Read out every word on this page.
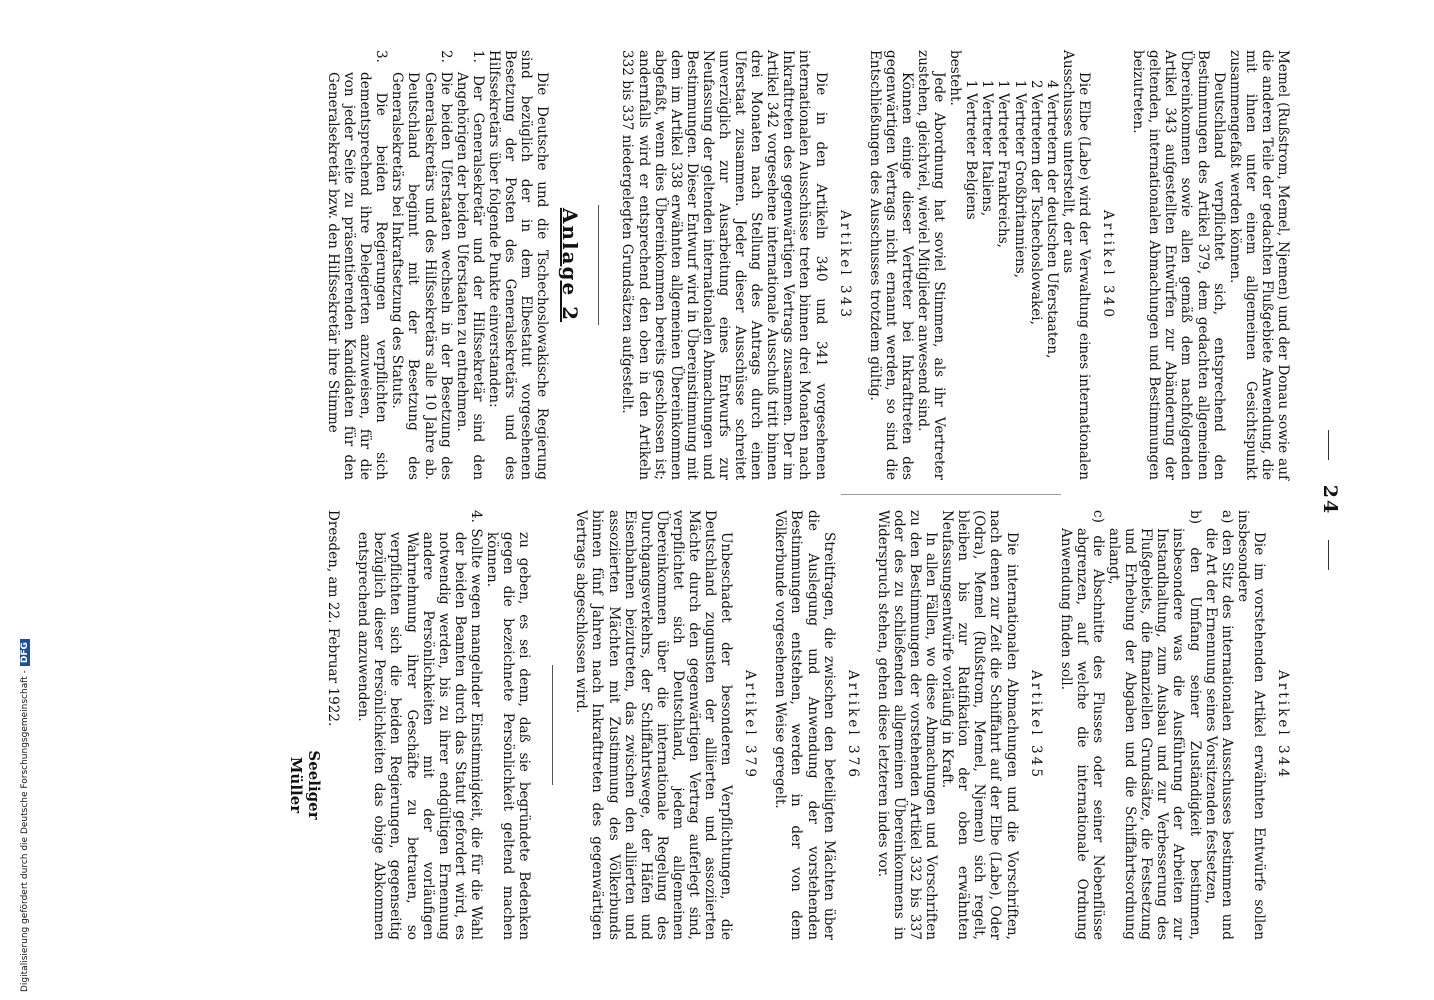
24

Memel (Rußstrom, Memel, Njemen) und der Donau sowie auf die anderen Teile der gedachten Flußgebiete Anwendung, die mit ihnen unter einem allgemeinen Gesichtspunkt zusammengefaßt werden können.

Deutschland verpflichtet sich, entsprechend den Bestimmungen des Artikel 379, dem gedachten allgemeinen Übereinkommen sowie allen gemäß dem nachfolgenden Artikel 343 aufgestellten Entwürfen zur Abänderung der geltenden, internationalen Abmachungen und Bestimmungen beizutreten.

Artikel 340

Die Elbe (Labe) wird der Verwaltung eines internationalen Ausschusses unterstellt, der aus

4 Vertretern der deutschen Uferstaaten,
2 Vertretern der Tschechoslowakei,
1 Vertreter Großbritanniens,
1 Vertreter Frankreichs,
1 Vertreter Italiens,
1 Vertreter Belgiens

besteht.

Jede Abordnung hat soviel Stimmen, als ihr Vertreter zustehen, gleichviel, wieviel Mitglieder anwesend sind.

Können einige dieser Vertreter bei Inkrafttreten des gegenwärtigen Vertrags nicht ernannt werden, so sind die Entschließungen des Ausschusses trotzdem gültig.

Artikel 343

Die in den Artikeln 340 und 341 vorgesehenen internationalen Ausschüsse treten binnen drei Monaten nach Inkrafttreten des gegenwärtigen Vertrags zusammen. Der im Artikel 342 vorgesehene internationale Ausschuß tritt binnen drei Monaten nach Stellung des Antrags durch einen Uferstaat zusammen. Jeder dieser Ausschüsse schreitet unverzüglich zur Ausarbeitung eines Entwurfs zur Neufassung der geltenden internationalen Abmachungen und Bestimmungen. Dieser Entwurf wird in Übereinstimmung mit dem im Artikel 338 erwähnten allgemeinen Übereinkommen abgefaßt, wenn dies Übereinkommen bereits geschlossen ist; andernfalls wird er entsprechend den oben in den Artikeln 332 bis 337 niedergelegten Grundsätzen aufgestellt.

Anlage 2

Die Deutsche und die Tschechoslowakische Regierung sind bezüglich der in dem Elbestatut vorgesehenen Besetzung der Posten des Generalsekretärs und des Hilfssekretärs über folgende Punkte einverstanden:

1. Der Generalsekretär und der Hilfssekretär sind den Angehörigen der beiden Uferstaaten zu entnehmen.

2. Die beiden Uferstaaten wechseln in der Besetzung des Generalsekretärs und des Hilfssekretärs alle 10 Jahre ab. Deutschland beginnt mit der Besetzung des Generalsekretärs bei Inkraftsetzung des Statuts.

3. Die beiden Regierungen verpflichten sich dementsprechend ihre Delegierten anzuweisen, für die von jeder Seite zu präsentierenden Kandidaten für den Generalsekretär bzw. den Hilfssekretär ihre Stimme

Artikel 344

Die im vorstehenden Artikel erwähnten Entwürfe sollen insbesondere

a) den Sitz des internationalen Ausschusses bestimmen und die Art der Ernennung seines Vorsitzenden festsetzen,

b) den Umfang seiner Zuständigkeit bestimmen, insbesondere was die Ausführung der Arbeiten zur Instandhaltung, zum Ausbau und zur Verbesserung des Flußgebiets, die finanziellen Grundsätze, die Festsetzung und Erhebung der Abgaben und die Schiffahrtsordnung anlangt,

c) die Abschnitte des Flusses oder seiner Nebenflüsse abgrenzen, auf welche die internationale Ordnung Anwendung finden soll.

Artikel 345

Die internationalen Abmachungen und die Vorschriften, nach denen zur Zeit die Schiffahrt auf der Elbe (Labe), Oder (Odra), Memel (Rußstrom, Memel, Njemen) sich regelt, bleiben bis zur Ratifikation der oben erwähnten Neufassungsentwürfe vorläufig in Kraft.

In allen Fällen, wo diese Abmachungen und Vorschriften zu den Bestimmungen der vorstehenden Artikel 332 bis 337 oder des zu schließenden allgemeinen Übereinkommens in Widerspruch stehen, gehen diese letzteren indes vor.

Artikel 376

Streitfragen, die zwischen den beteiligten Mächten über die Auslegung und Anwendung der vorstehenden Bestimmungen entstehen, werden in der von dem Völkerbunde vorgesehenen Weise geregelt.

Artikel 379

Unbeschadet der besonderen Verpflichtungen, die Deutschland zugunsten der alliierten und assoziierten Mächte durch den gegenwärtigen Vertrag auferlegt sind, verpflichtet sich Deutschland, jedem allgemeinen Übereinkommen über die internationale Regelung des Durchgangsverkehrs, der Schiffahrtswege, der Häfen und Eisenbahnen beizutreten, das zwischen den alliierten und assoziierten Mächten mit Zustimmung des Völkerbunds binnen fünf Jahren nach Inkrafttreten des gegenwärtigen Vertrags abgeschlossen wird.

zu geben, es sei denn, daß sie begründete Bedenken gegen die bezeichnete Persönlichkeit geltend machen können.

4. Sollte wegen mangelnder Einstimmigkeit, die für die Wahl der beiden Beamten durch das Statut gefordert wird, es notwendig werden, bis zu ihrer endgültigen Ernennung andere Persönlichkeiten mit der vorläufigen Wahrnehmung ihrer Geschäfte zu betrauen, so verpflichten sich die beiden Regierungen, gegenseitig bezüglich dieser Persönlichkeiten das obige Abkommen entsprechend anzuwenden.

Dresden, am 22. Februar 1922.

Seeliger
Müller
Digitalisierung gefördert durch die Deutsche Forschungsgemeinschaft -DFG
